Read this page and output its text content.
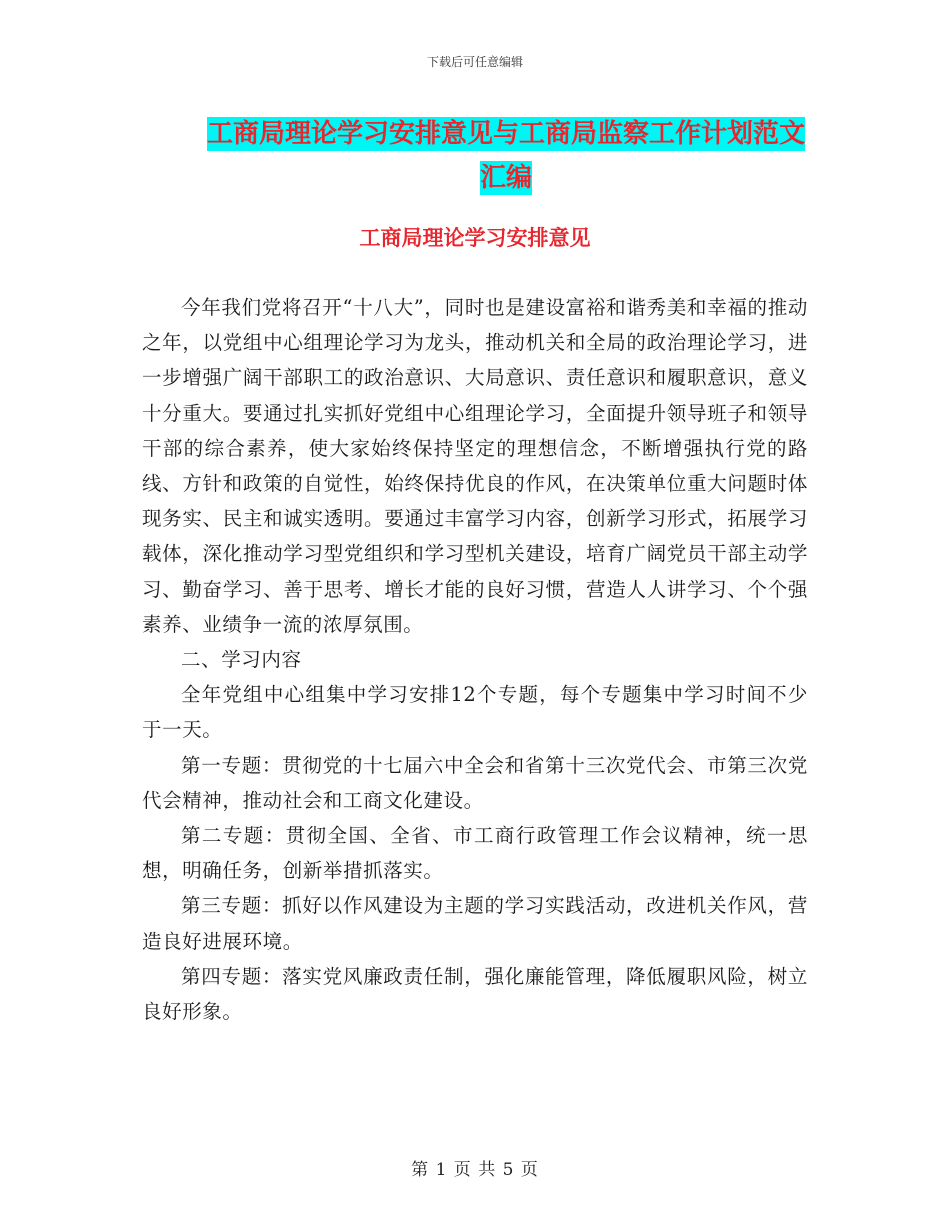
下载后可任意编辑
工商局理论学习安排意见与工商局监察工作计划范文汇编
工商局理论学习安排意见

今年我们党将召开“十八大”，同时也是建设富裕和谐秀美和幸福的推动之年，以党组中心组理论学习为龙头，推动机关和全局的政治理论学习，进一步增强广阔干部职工的政治意识、大局意识、责任意识和履职意识，意义十分重大。要通过扎实抓好党组中心组理论学习，全面提升领导班子和领导干部的综合素养，使大家始终保持坚定的理想信念，不断增强执行党的路线、方针和政策的自觉性，始终保持优良的作风，在决策单位重大问题时体现务实、民主和诚实透明。要通过丰富学习内容，创新学习形式，拓展学习载体，深化推动学习型党组织和学习型机关建设，培育广阔党员干部主动学习、勤奋学习、善于思考、增长才能的良好习惯，营造人人讲学习、个个强素养、业绩争一流的浓厚氛围。

二、学习内容

全年党组中心组集中学习安排12个专题，每个专题集中学习时间不少于一天。

第一专题：贯彻党的十七届六中全会和省第十三次党代会、市第三次党代会精神，推动社会和工商文化建设。

第二专题：贯彻全国、全省、市工商行政管理工作会议精神，统一思想，明确任务，创新举措抓落实。

第三专题：抓好以作风建设为主题的学习实践活动，改进机关作风，营造良好进展环境。

第四专题：落实党风廉政责任制，强化廉能管理，降低履职风险，树立良好形象。

第 1 页 共 5 页
